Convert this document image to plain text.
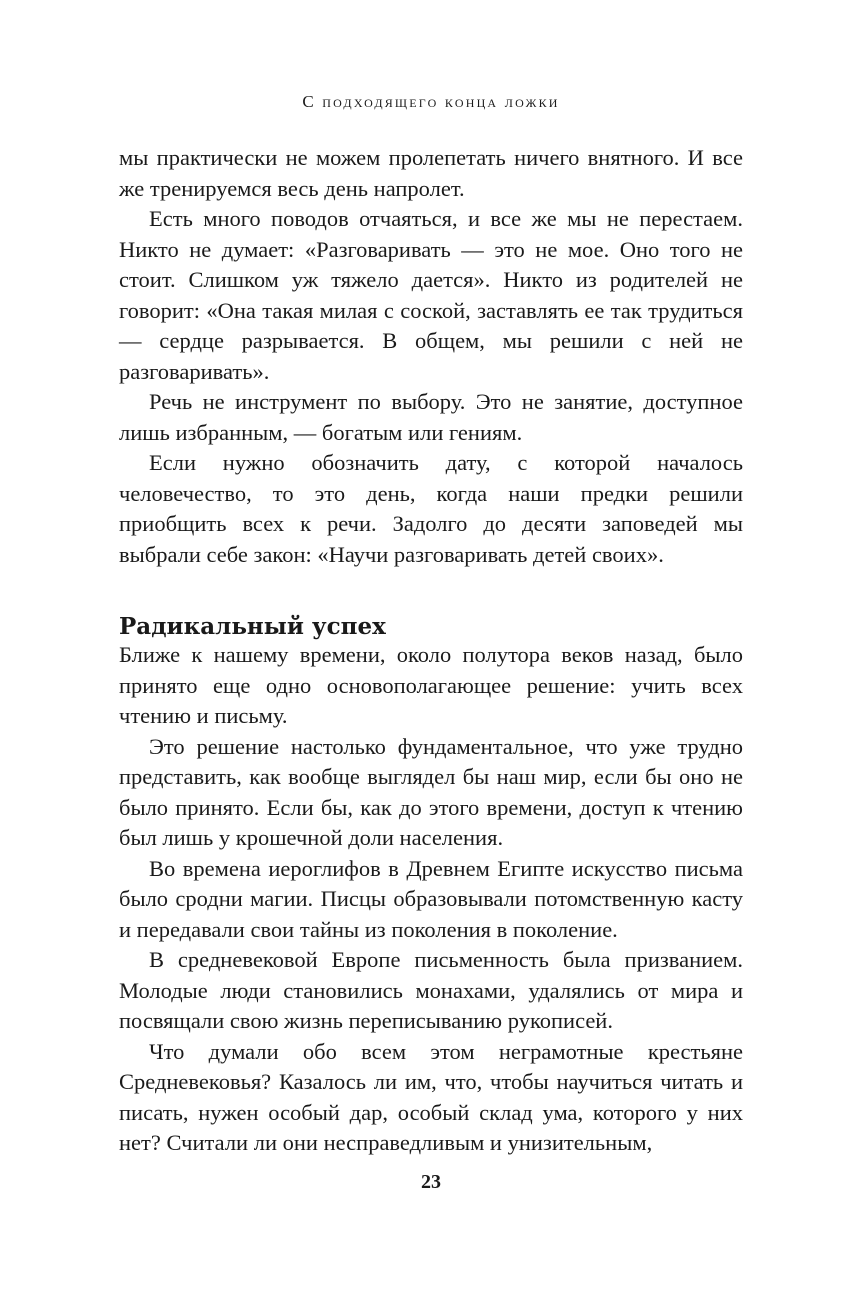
С подходящего конца ложки

мы практически не можем пролепетать ничего внятного. И все же тренируемся весь день напролет.

Есть много поводов отчаяться, и все же мы не перестаем. Никто не думает: «Разговаривать — это не мое. Оно того не стоит. Слишком уж тяжело дается». Никто из родителей не говорит: «Она такая милая с соской, заставлять ее так трудиться — сердце разрывается. В общем, мы решили с ней не разговаривать».

Речь не инструмент по выбору. Это не занятие, доступное лишь избранным, — богатым или гениям.

Если нужно обозначить дату, с которой началось человечество, то это день, когда наши предки решили приобщить всех к речи. Задолго до десяти заповедей мы выбрали себе закон: «Научи разговаривать детей своих».

Радикальный успех

Ближе к нашему времени, около полутора веков назад, было принято еще одно основополагающее решение: учить всех чтению и письму.

Это решение настолько фундаментальное, что уже трудно представить, как вообще выглядел бы наш мир, если бы оно не было принято. Если бы, как до этого времени, доступ к чтению был лишь у крошечной доли населения.

Во времена иероглифов в Древнем Египте искусство письма было сродни магии. Писцы образовывали потомственную касту и передавали свои тайны из поколения в поколение.

В средневековой Европе письменность была призванием. Молодые люди становились монахами, удалялись от мира и посвящали свою жизнь переписыванию рукописей.

Что думали обо всем этом неграмотные крестьяне Средневековья? Казалось ли им, что, чтобы научиться читать и писать, нужен особый дар, особый склад ума, которого у них нет? Считали ли они несправедливым и унизительным,

23
